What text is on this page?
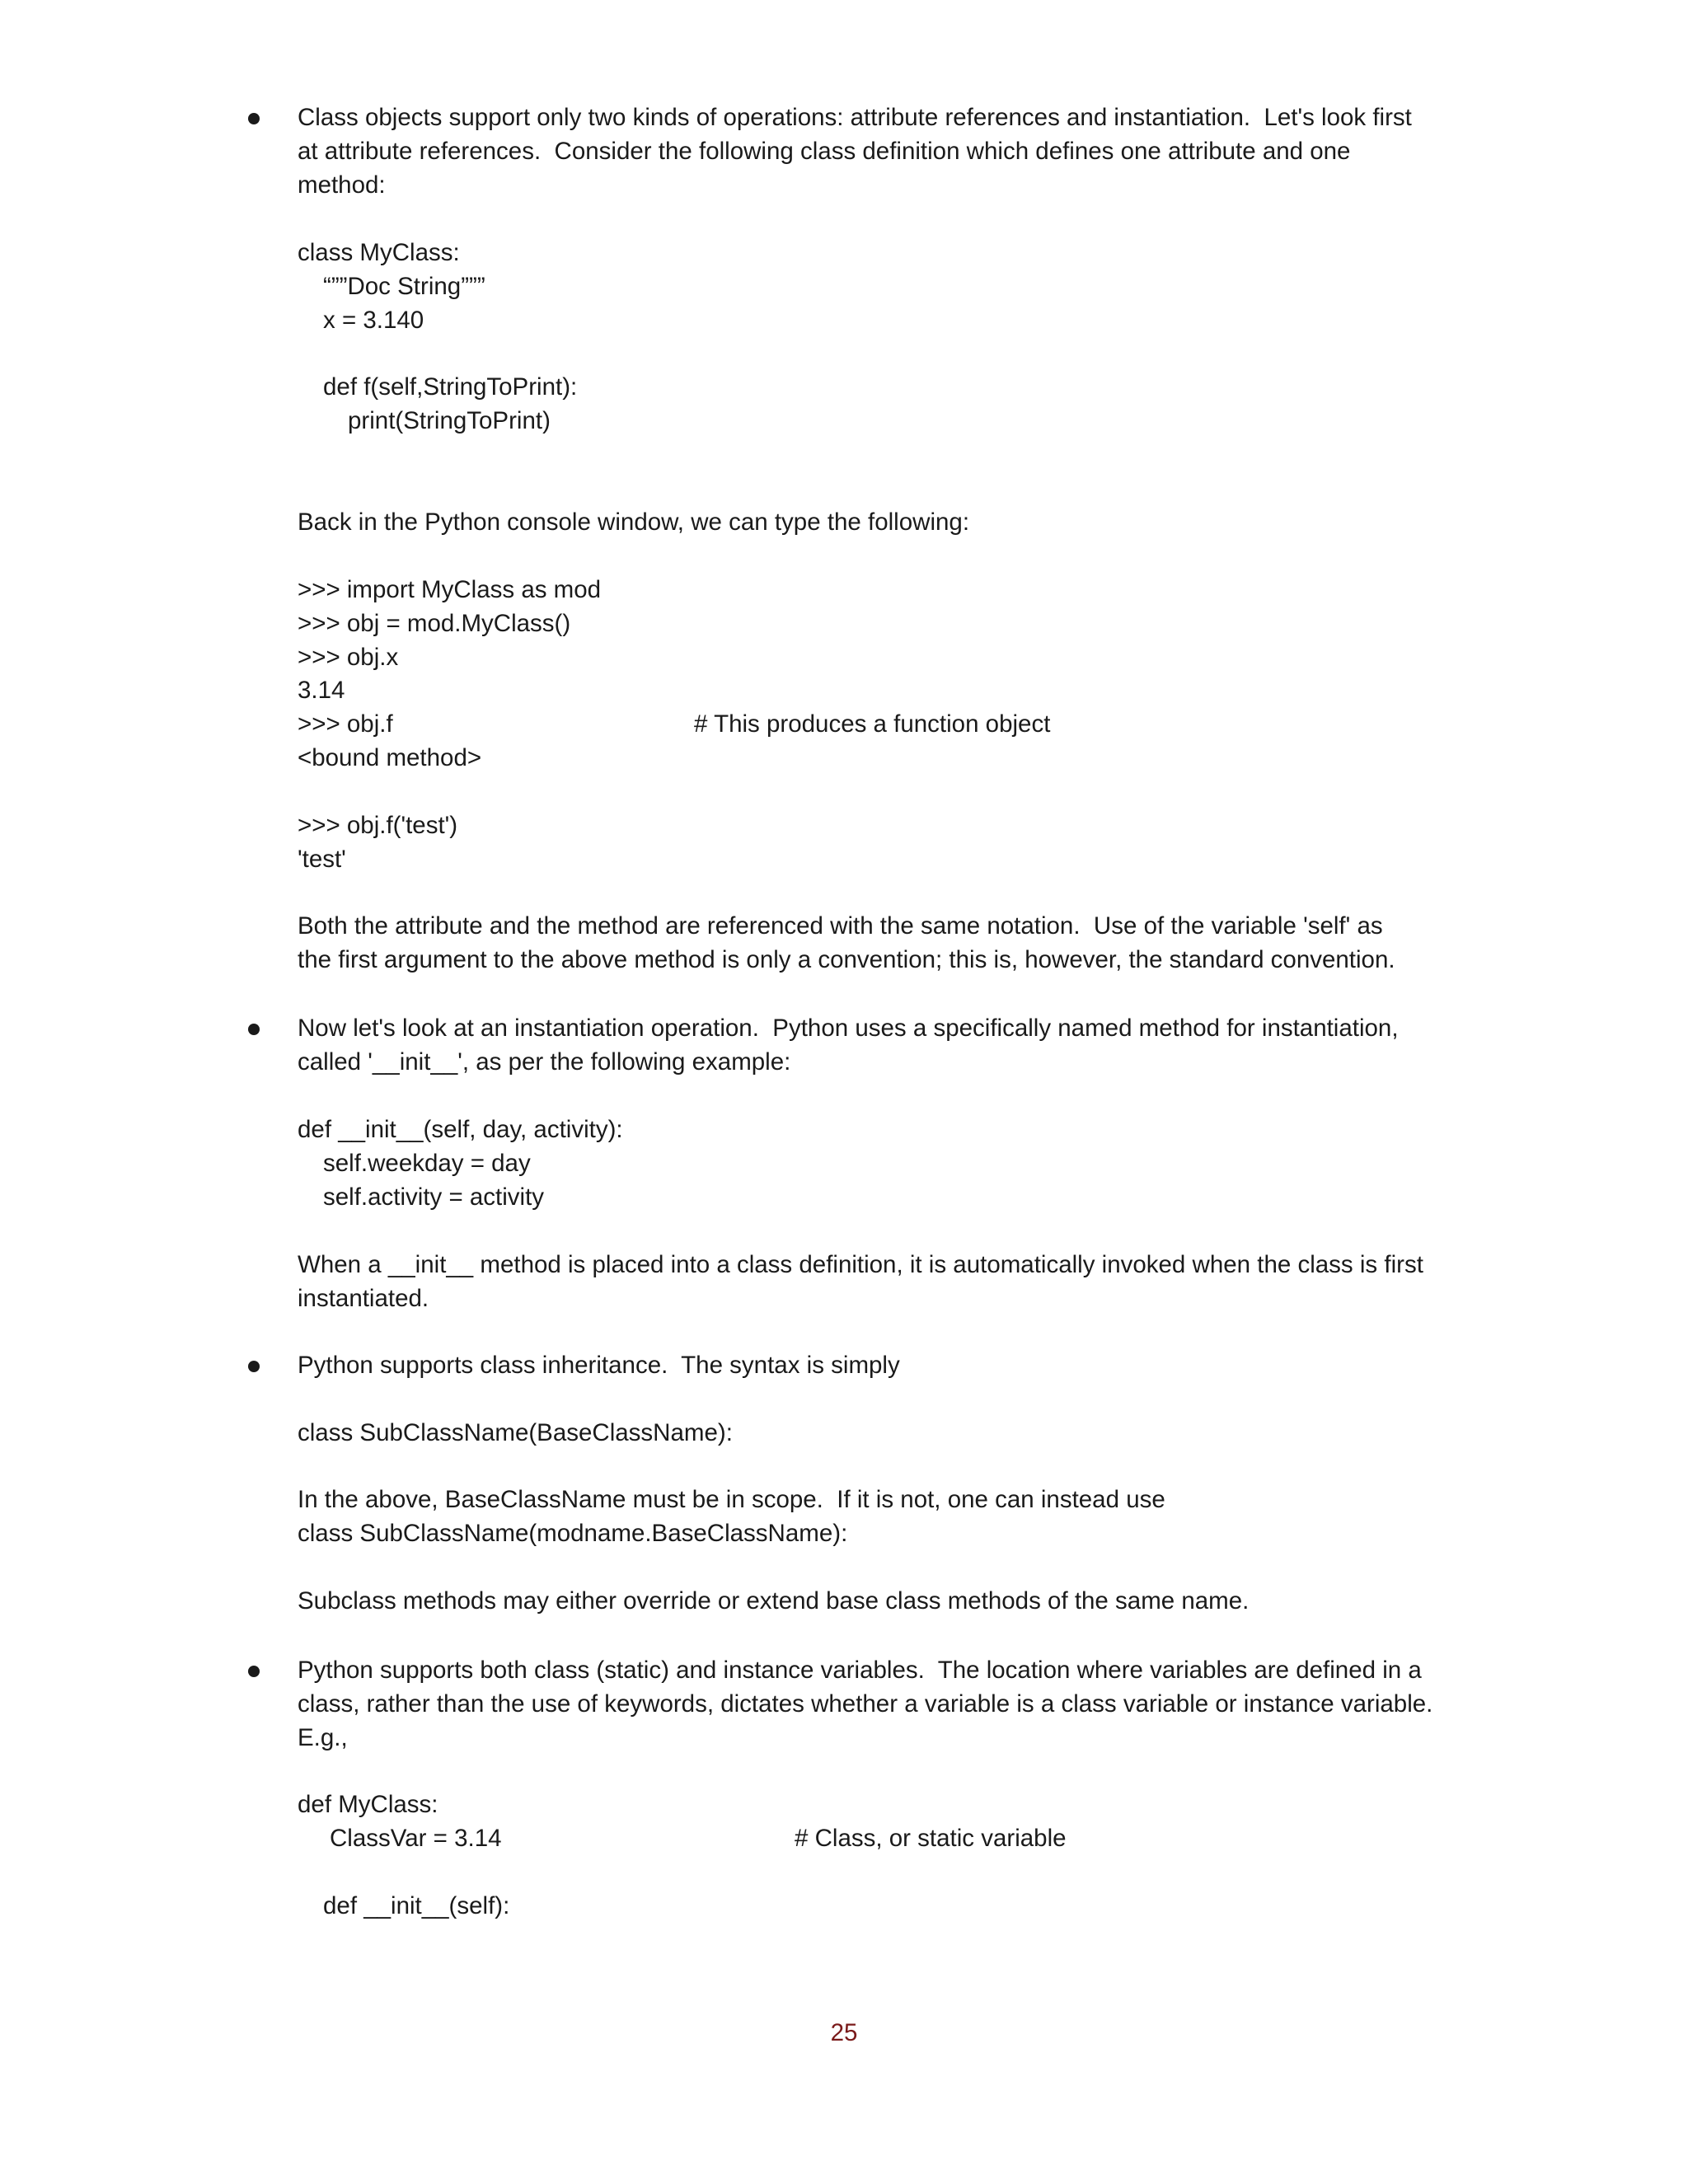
Class objects support only two kinds of operations: attribute references and instantiation.  Let's look first

at attribute references.  Consider the following class definition which defines one attribute and one

method:

class MyClass:

“””Doc String”””

x = 3.140

def f(self,StringToPrint):

print(StringToPrint)

Back in the Python console window, we can type the following:

>>> import MyClass as mod

>>> obj = mod.MyClass()

>>> obj.x

3.14

>>> obj.f	# This produces a function object

<bound method>

>>> obj.f('test')

'test'

Both the attribute and the method are referenced with the same notation.  Use of the variable 'self' as

the first argument to the above method is only a convention; this is, however, the standard convention.

Now let's look at an instantiation operation.  Python uses a specifically named method for instantiation,

called '__init__', as per the following example:

def __init__(self, day, activity):

self.weekday = day

self.activity = activity

When a __init__ method is placed into a class definition, it is automatically invoked when the class is first

instantiated.

Python supports class inheritance.  The syntax is simply

class SubClassName(BaseClassName):

In the above, BaseClassName must be in scope.  If it is not, one can instead use

class SubClassName(modname.BaseClassName):

Subclass methods may either override or extend base class methods of the same name.

Python supports both class (static) and instance variables.  The location where variables are defined in a

class, rather than the use of keywords, dictates whether a variable is a class variable or instance variable.

E.g.,

def MyClass:

ClassVar = 3.14	# Class, or static variable

def __init__(self):

25
